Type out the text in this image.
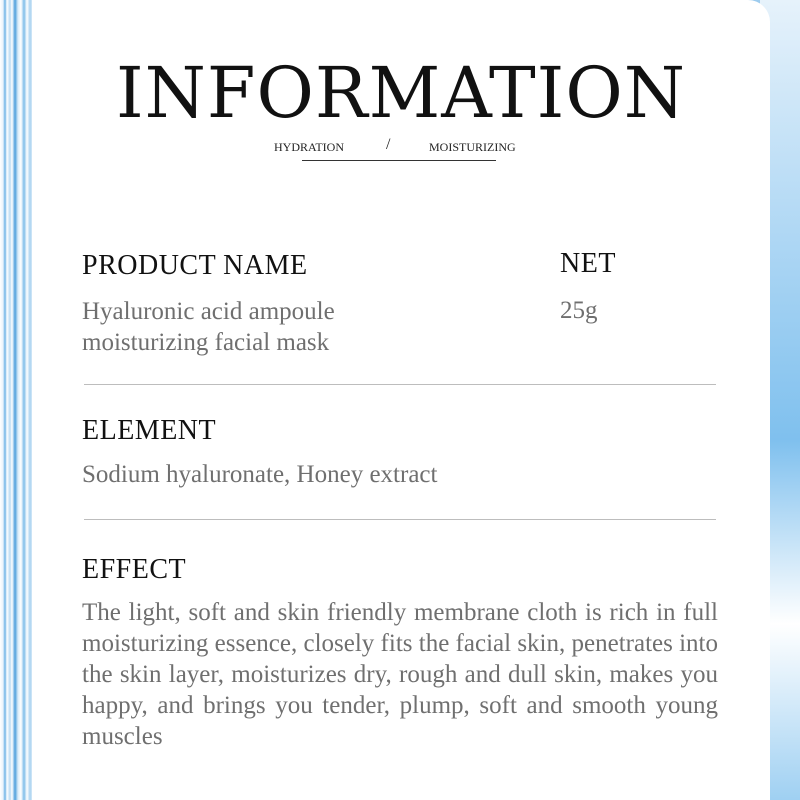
INFORMATION
HYDRATION	/	MOISTURIZING
PRODUCT NAME
Hyaluronic acid ampoule
moisturizing facial mask
NET
25g
ELEMENT
Sodium hyaluronate, Honey extract
EFFECT
The light, soft and skin friendly membrane cloth is rich in full moisturizing essence, closely fits the facial skin, penetrates into the skin layer, moisturizes dry, rough and dull skin, makes you happy, and brings you tender, plump, soft and smooth young muscles
